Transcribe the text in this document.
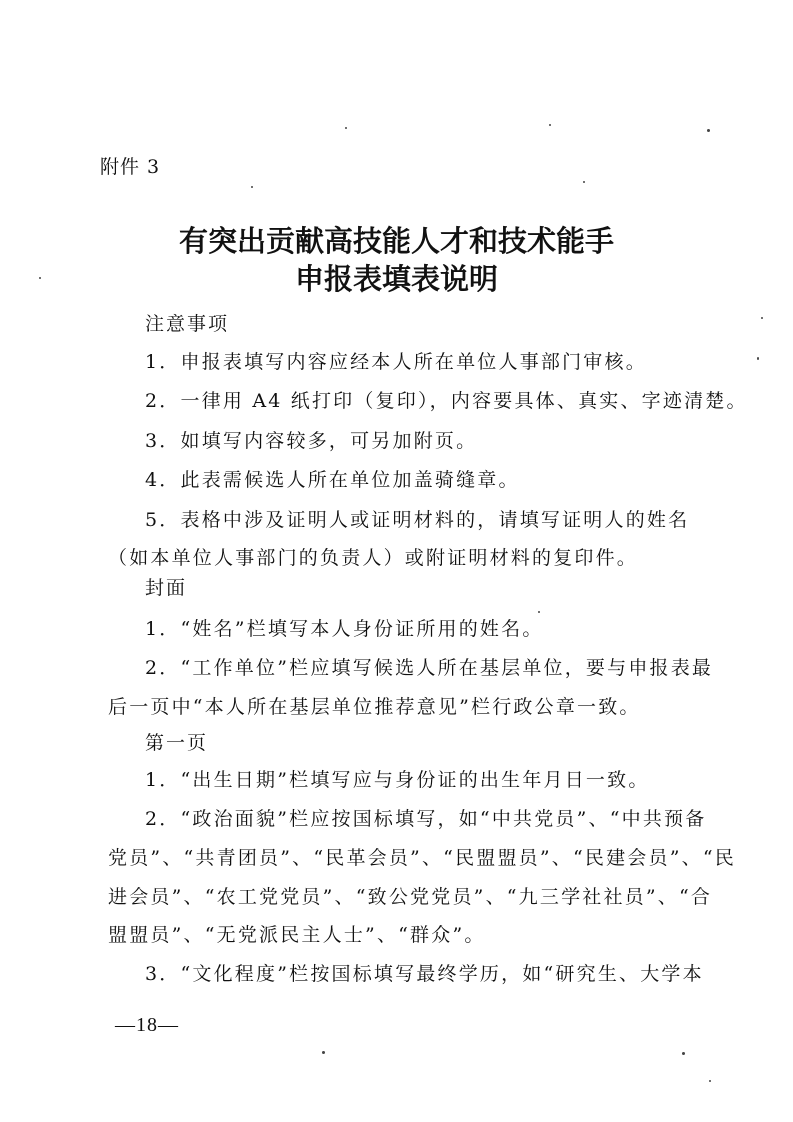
附件 3
有突出贡献高技能人才和技术能手
申报表填表说明
注意事项
1．申报表填写内容应经本人所在单位人事部门审核。
2．一律用 A4 纸打印（复印），内容要具体、真实、字迹清楚。
3．如填写内容较多，可另加附页。
4．此表需候选人所在单位加盖骑缝章。
5．表格中涉及证明人或证明材料的，请填写证明人的姓名
（如本单位人事部门的负责人）或附证明材料的复印件。
封面
1．“姓名”栏填写本人身份证所用的姓名。
2．“工作单位”栏应填写候选人所在基层单位，要与申报表最
后一页中“本人所在基层单位推荐意见”栏行政公章一致。
第一页
1．“出生日期”栏填写应与身份证的出生年月日一致。
2．“政治面貌”栏应按国标填写，如“中共党员”、“中共预备
党员”、“共青团员”、“民革会员”、“民盟盟员”、“民建会员”、“民
进会员”、“农工党党员”、“致公党党员”、“九三学社社员”、“合
盟盟员”、“无党派民主人士”、“群众”。
3．“文化程度”栏按国标填写最终学历，如“研究生、大学本
—18—
